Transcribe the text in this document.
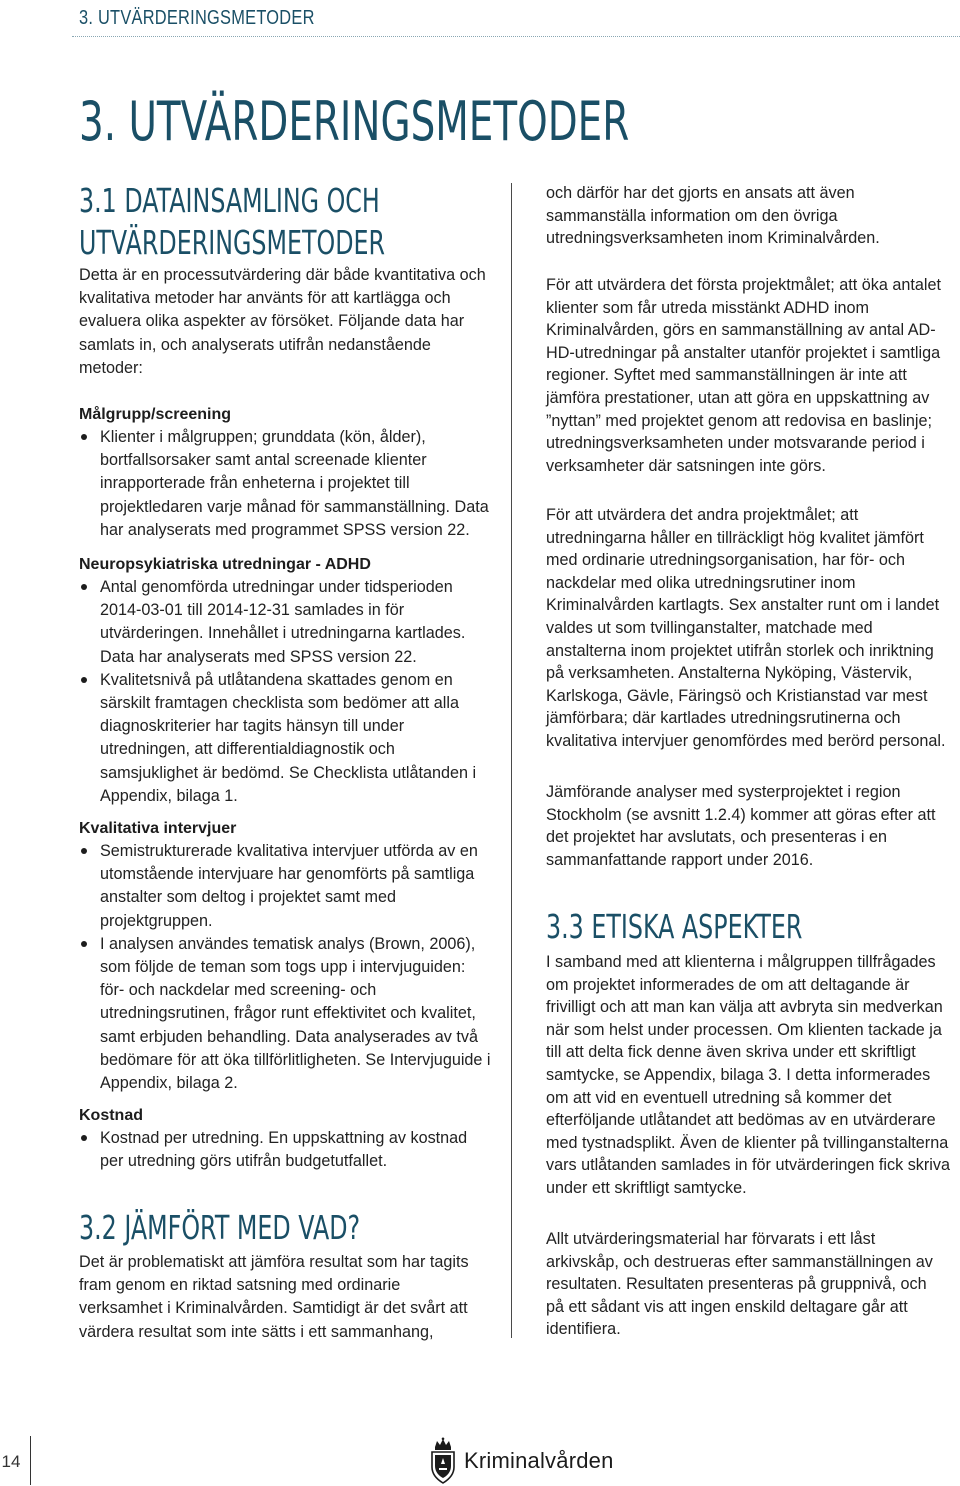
3. UTVÄRDERINGSMETODER
3. UTVÄRDERINGSMETODER
3.1 DATAINSAMLING OCH
UTVÄRDERINGSMETODER

Detta är en processutvärdering där både kvantitativa och kvalitativa metoder har använts för att kartlägga och evaluera olika aspekter av försöket. Följande data har samlats in, och analyserats utifrån nedanstående metoder:

Målgrupp/screening
Klienter i målgruppen; grunddata (kön, ålder), bortfallsorsaker samt antal screenade klienter inrapporterade från enheterna i projektet till projektledaren varje månad för sammanställning. Data har analyserats med programmet SPSS version 22.
Neuropsykiatriska utredningar - ADHD
Antal genomförda utredningar under tidsperioden 2014-03-01 till 2014-12-31 samlades in för utvärderingen. Innehållet i utredningarna kartlades. Data har analyserats med SPSS version 22.
Kvalitetsnivå på utlåtandena skattades genom en särskilt framtagen checklista som bedömer att alla diagnoskriterier har tagits hänsyn till under utredningen, att differentialdiagnostik och samsjuklighet är bedömd. Se Checklista utlåtanden i Appendix, bilaga 1.
Kvalitativa intervjuer
Semistrukturerade kvalitativa intervjuer utförda av en utomstående intervjuare har genomförts på samtliga anstalter som deltog i projektet samt med projektgruppen.
I analysen användes tematisk analys (Brown, 2006), som följde de teman som togs upp i intervjuguiden: för- och nackdelar med screening- och utredningsrutinen, frågor runt effektivitet och kvalitet, samt erbjuden behandling. Data analyserades av två bedömare för att öka tillförlitligheten. Se Intervjuguide i Appendix, bilaga 2.
Kostnad
Kostnad per utredning. En uppskattning av kostnad per utredning görs utifrån budgetutfallet.
3.2 JÄMFÖRT MED VAD?

Det är problematiskt att jämföra resultat som har tagits fram genom en riktad satsning med ordinarie verksamhet i Kriminalvården. Samtidigt är det svårt att värdera resultat som inte sätts i ett sammanhang,

och därför har det gjorts en ansats att även sammanställa information om den övriga utredningsverksamheten inom Kriminalvården.

För att utvärdera det första projektmålet; att öka antalet klienter som får utreda misstänkt ADHD inom Kriminalvården, görs en sammanställning av antal AD-HD-utredningar på anstalter utanför projektet i samtliga regioner. Syftet med sammanställningen är inte att jämföra prestationer, utan att göra en uppskattning av ”nyttan” med projektet genom att redovisa en baslinje; utredningsverksamheten under motsvarande period i verksamheter där satsningen inte görs.

För att utvärdera det andra projektmålet; att utredningarna håller en tillräckligt hög kvalitet jämfört med ordinarie utredningsorganisation, har för- och nackdelar med olika utredningsrutiner inom Kriminalvården kartlagts. Sex anstalter runt om i landet valdes ut som tvillinganstalter, matchade med anstalterna inom projektet utifrån storlek och inriktning på verksamheten. Anstalterna Nyköping, Västervik, Karlskoga, Gävle, Färingsö och Kristianstad var mest jämförbara; där kartlades utredningsrutinerna och kvalitativa intervjuer genomfördes med berörd personal.

Jämförande analyser med systerprojektet i region Stockholm (se avsnitt 1.2.4) kommer att göras efter att det projektet har avslutats, och presenteras i en sammanfattande rapport under 2016.

3.3 ETISKA ASPEKTER

I samband med att klienterna i målgruppen tillfrågades om projektet informerades de om att deltagande är frivilligt och att man kan välja att avbryta sin medverkan när som helst under processen. Om klienten tackade ja till att delta fick denne även skriva under ett skriftligt samtycke, se Appendix, bilaga 3. I detta informerades om att vid en eventuell utredning så kommer det efterföljande utlåtandet att bedömas av en utvärderare med tystnadsplikt. Även de klienter på tvillinganstalterna vars utlåtanden samlades in för utvärderingen fick skriva under ett skriftligt samtycke.

Allt utvärderingsmaterial har förvarats i ett låst arkivskåp, och destrueras efter sammanställningen av resultaten. Resultaten presenteras på gruppnivå, och på ett sådant vis att ingen enskild deltagare går att identifiera.

14	Kriminalvården
